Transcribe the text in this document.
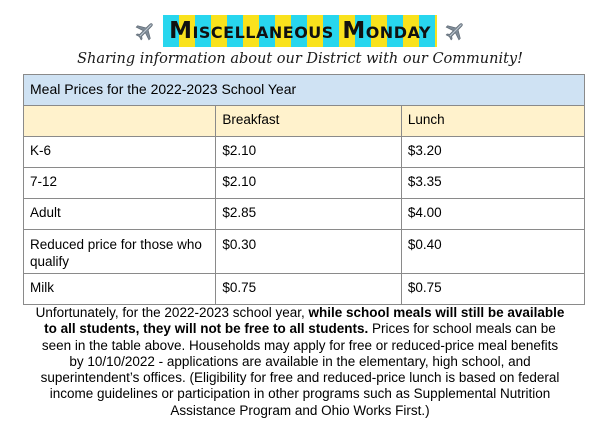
Miscellaneous Monday
Sharing information about our District with our Community!
Meal Prices for the 2022-2023 School Year		
	Breakfast	Lunch
K-6	$2.10	$3.20
7-12	$2.10	$3.35
Adult	$2.85	$4.00
Reduced price for those who qualify	$0.30	$0.40
Milk	$0.75	$0.75
Unfortunately, for the 2022-2023 school year, while school meals will still be available to all students, they will not be free to all students. Prices for school meals can be seen in the table above. Households may apply for free or reduced-price meal benefits by 10/10/2022 - applications are available in the elementary, high school, and superintendent’s offices. (Eligibility for free and reduced-price lunch is based on federal income guidelines or participation in other programs such as Supplemental Nutrition Assistance Program and Ohio Works First.)
